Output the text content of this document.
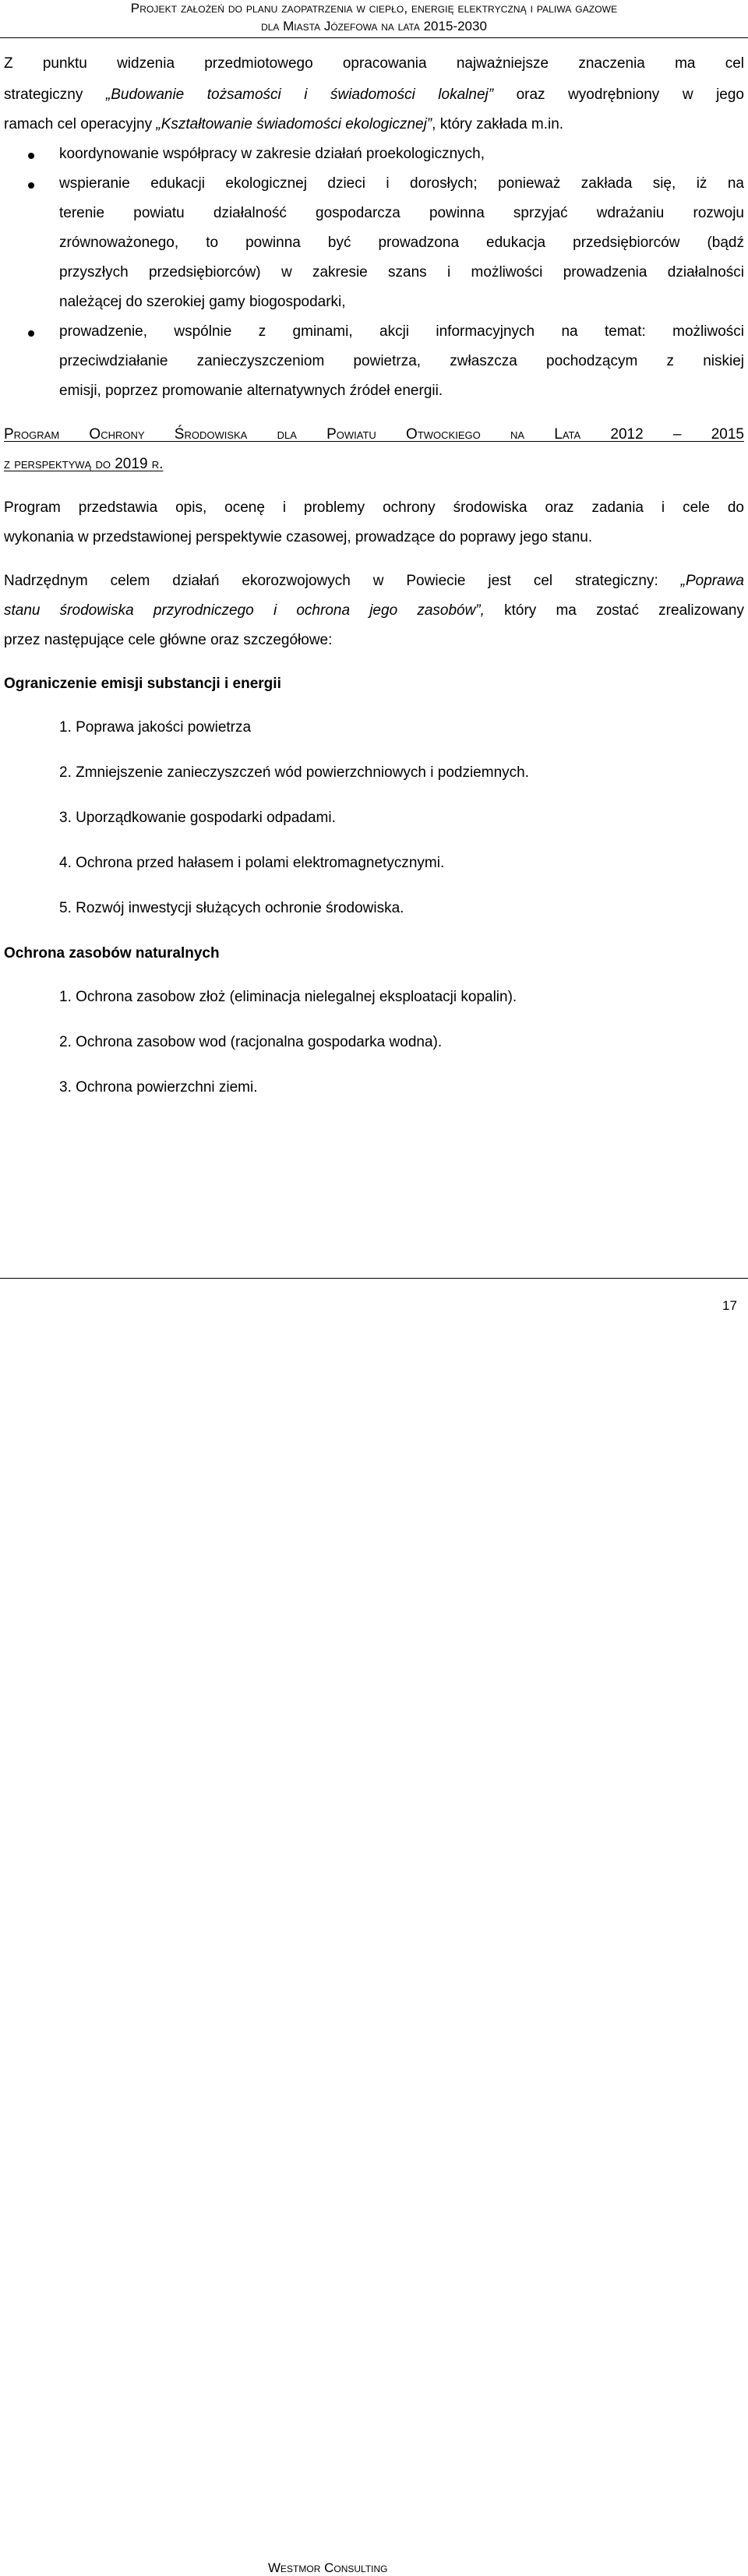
Projekt założeń do planu zaopatrzenia w ciepło, energię elektryczną i paliwa gazowe
dla Miasta Józefowa na lata 2015-2030
Z punktu widzenia przedmiotowego opracowania najważniejsze znaczenia ma cel
strategiczny „Budowanie tożsamości i świadomości lokalnej” oraz wyodrębniony w jego
ramach cel operacyjny „Kształtowanie świadomości ekologicznej”, który zakłada m.in.
koordynowanie współpracy w zakresie działań proekologicznych,
wspieranie edukacji ekologicznej dzieci i dorosłych; ponieważ zakłada się, iż na
terenie powiatu działalność gospodarcza powinna sprzyjać wdrażaniu rozwoju
zrównoważonego, to powinna być prowadzona edukacja przedsiębiorców (bądź
przyszłych przedsiębiorców) w zakresie szans i możliwości prowadzenia działalności
należącej do szerokiej gamy biogospodarki,
prowadzenie, wspólnie z gminami, akcji informacyjnych na temat: możliwości
przeciwdziałanie zanieczyszczeniom powietrza, zwłaszcza pochodzącym z niskiej
emisji, poprzez promowanie alternatywnych źródeł energii.
Program Ochrony Środowiska dla Powiatu Otwockiego na Lata 2012 – 2015
z perspektywą do 2019 r.
Program przedstawia opis, ocenę i problemy ochrony środowiska oraz zadania i cele do
wykonania w przedstawionej perspektywie czasowej, prowadzące do poprawy jego stanu.
Nadrzędnym celem działań ekorozwojowych w Powiecie jest cel strategiczny: „Poprawa
stanu środowiska przyrodniczego i ochrona jego zasobów”, który ma zostać zrealizowany
przez następujące cele główne oraz szczegółowe:
Ograniczenie emisji substancji i energii
1. Poprawa jakości powietrza
2. Zmniejszenie zanieczyszczeń wód powierzchniowych i podziemnych.
3. Uporządkowanie gospodarki odpadami.
4. Ochrona przed hałasem i polami elektromagnetycznymi.
5. Rozwój inwestycji służących ochronie środowiska.
Ochrona zasobów naturalnych
1. Ochrona zasobow złoż (eliminacja nielegalnej eksploatacji kopalin).
2. Ochrona zasobow wod (racjonalna gospodarka wodna).
3. Ochrona powierzchni ziemi.
Westmor Consulting
17
